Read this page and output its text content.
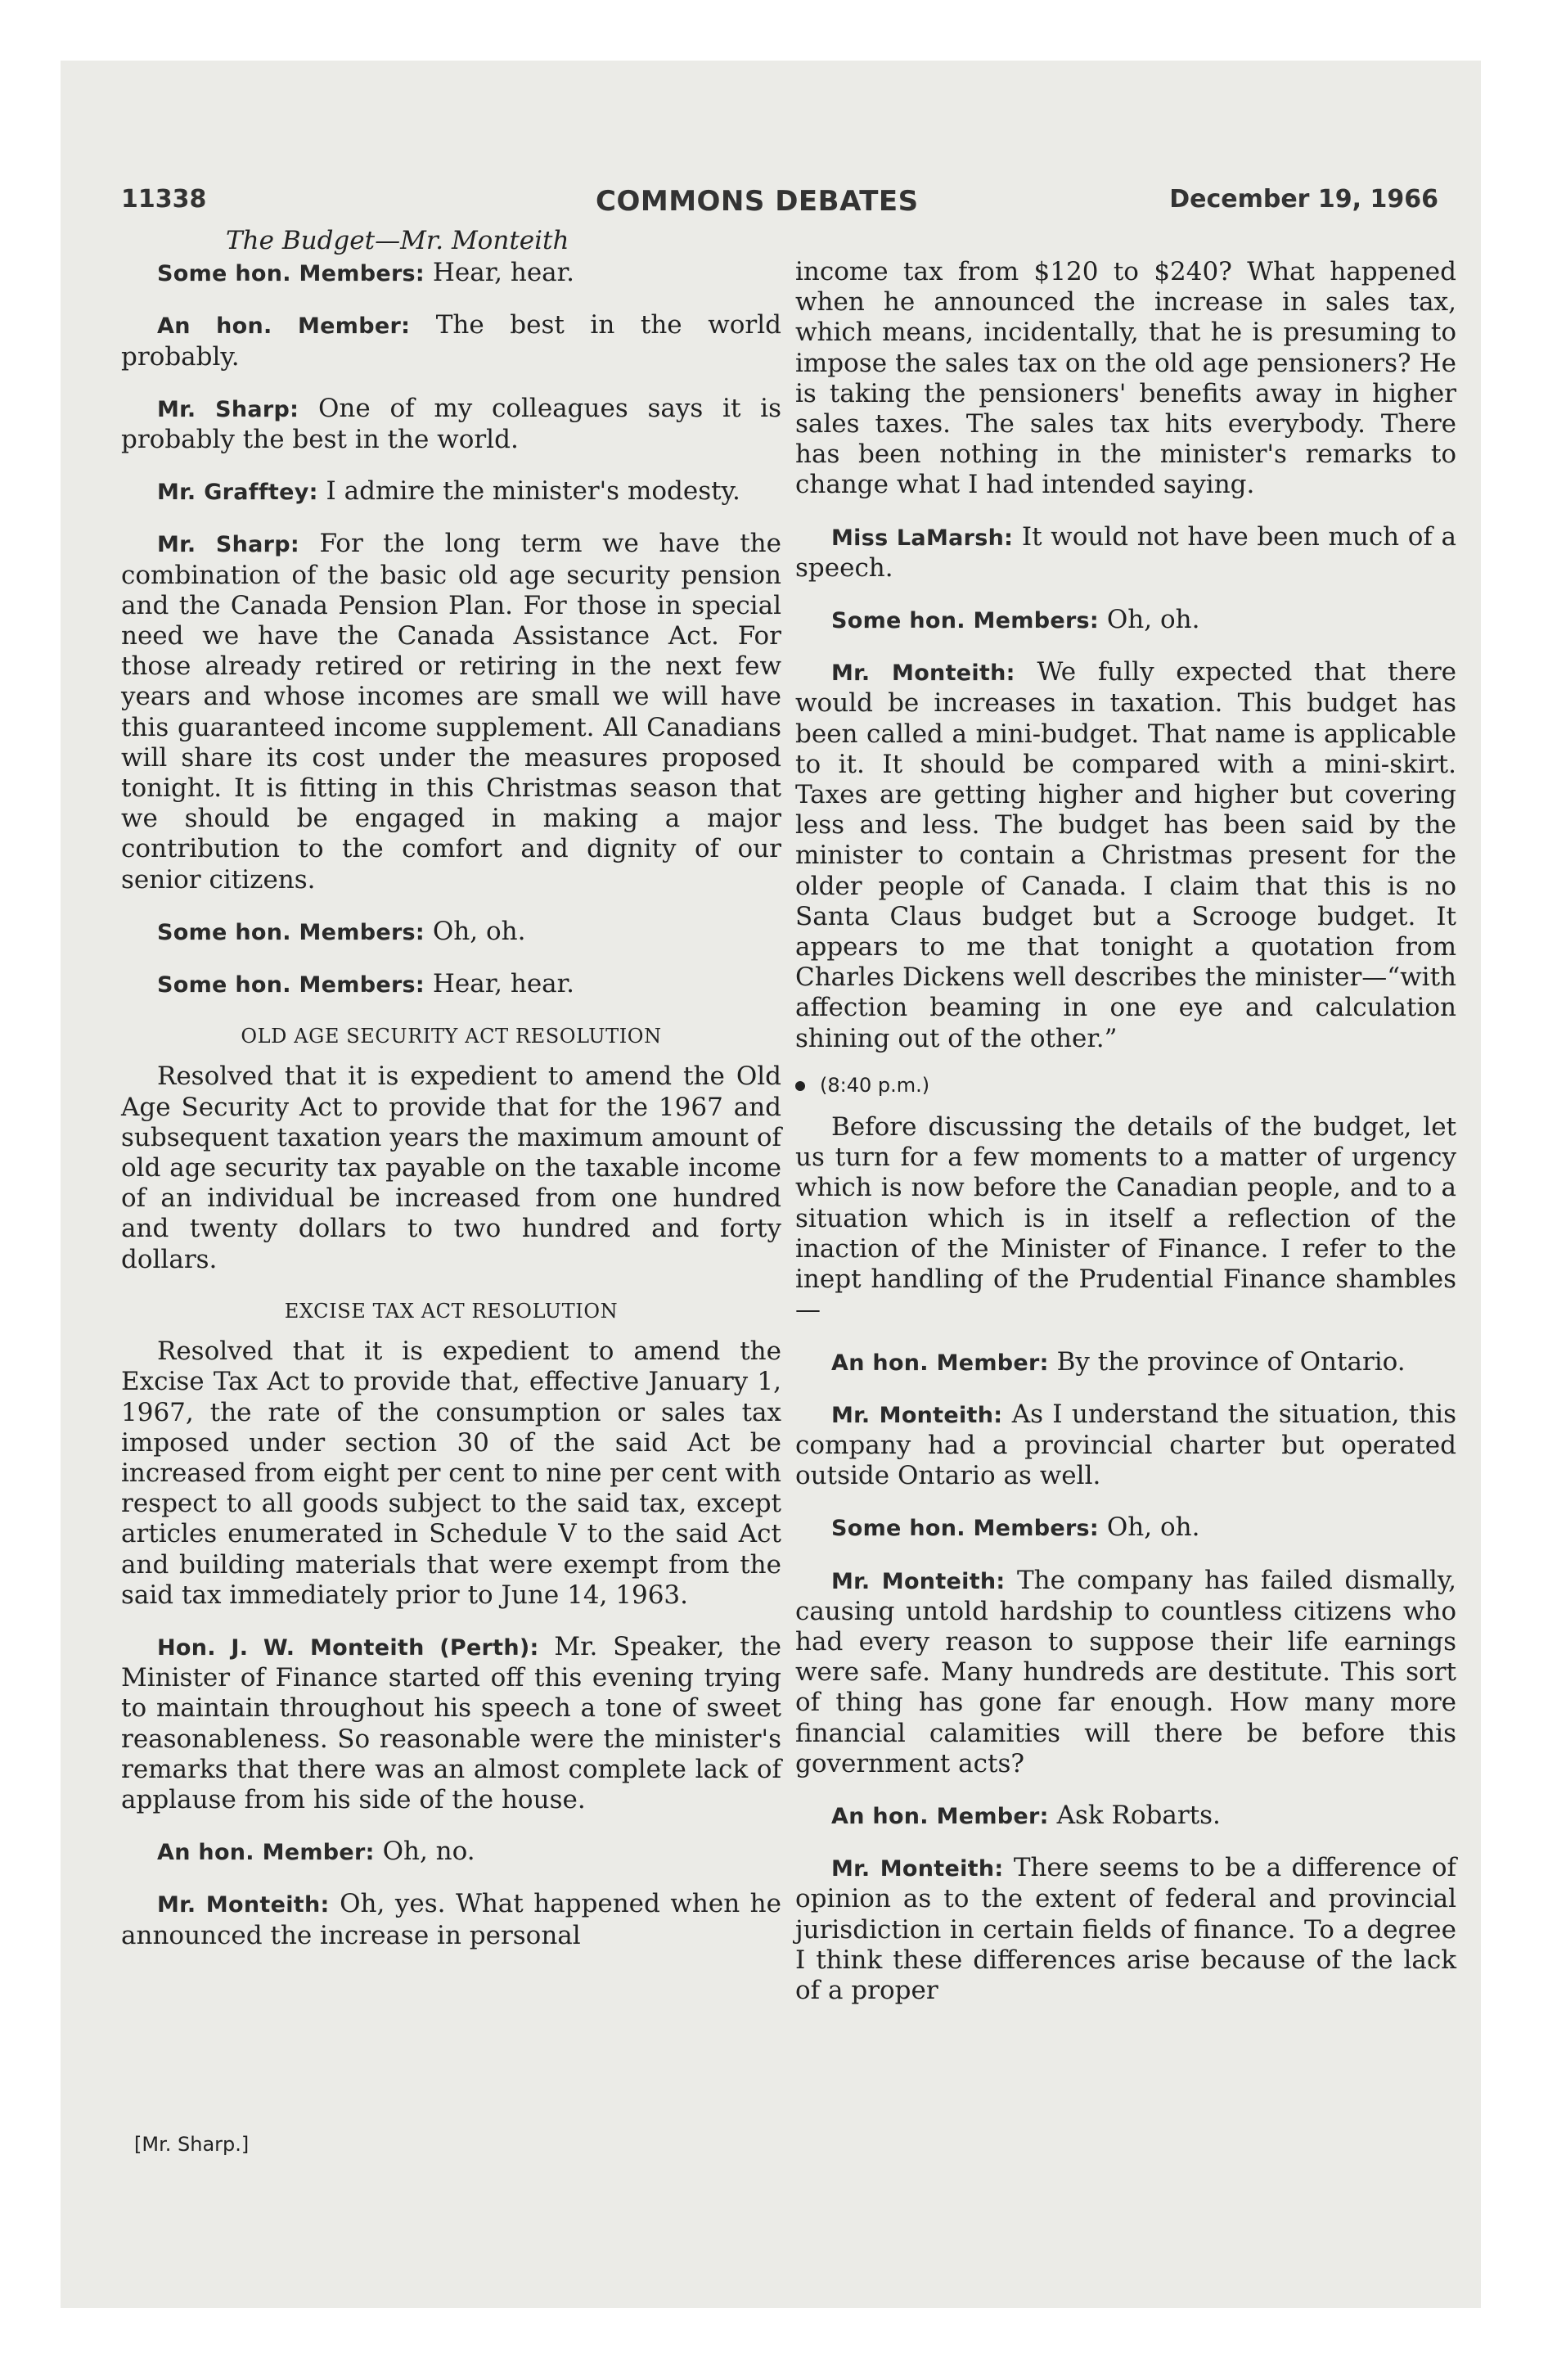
11338	COMMONS DEBATES	December 19, 1966
The Budget—Mr. Monteith

Some hon. Members: Hear, hear.

An hon. Member: The best in the world probably.

Mr. Sharp: One of my colleagues says it is probably the best in the world.

Mr. Grafftey: I admire the minister's modesty.

Mr. Sharp: For the long term we have the combination of the basic old age security pension and the Canada Pension Plan. For those in special need we have the Canada Assistance Act. For those already retired or retiring in the next few years and whose incomes are small we will have this guaranteed income supplement. All Canadians will share its cost under the measures proposed tonight. It is fitting in this Christmas season that we should be engaged in making a major contribution to the comfort and dignity of our senior citizens.

Some hon. Members: Oh, oh.

Some hon. Members: Hear, hear.

OLD AGE SECURITY ACT RESOLUTION

Resolved that it is expedient to amend the Old Age Security Act to provide that for the 1967 and subsequent taxation years the maximum amount of old age security tax payable on the taxable income of an individual be increased from one hundred and twenty dollars to two hundred and forty dollars.

EXCISE TAX ACT RESOLUTION

Resolved that it is expedient to amend the Excise Tax Act to provide that, effective January 1, 1967, the rate of the consumption or sales tax imposed under section 30 of the said Act be increased from eight per cent to nine per cent with respect to all goods subject to the said tax, except articles enumerated in Schedule V to the said Act and building materials that were exempt from the said tax immediately prior to June 14, 1963.

Hon. J. W. Monteith (Perth): Mr. Speaker, the Minister of Finance started off this evening trying to maintain throughout his speech a tone of sweet reasonableness. So reasonable were the minister's remarks that there was an almost complete lack of applause from his side of the house.

An hon. Member: Oh, no.

Mr. Monteith: Oh, yes. What happened when he announced the increase in personal

income tax from $120 to $240? What happened when he announced the increase in sales tax, which means, incidentally, that he is presuming to impose the sales tax on the old age pensioners? He is taking the pensioners' benefits away in higher sales taxes. The sales tax hits everybody. There has been nothing in the minister's remarks to change what I had intended saying.

Miss LaMarsh: It would not have been much of a speech.

Some hon. Members: Oh, oh.

Mr. Monteith: We fully expected that there would be increases in taxation. This budget has been called a mini-budget. That name is applicable to it. It should be compared with a mini-skirt. Taxes are getting higher and higher but covering less and less. The budget has been said by the minister to contain a Christmas present for the older people of Canada. I claim that this is no Santa Claus budget but a Scrooge budget. It appears to me that tonight a quotation from Charles Dickens well describes the minister—“with affection beaming in one eye and calculation shining out of the other.”

(8:40 p.m.)

Before discussing the details of the budget, let us turn for a few moments to a matter of urgency which is now before the Canadian people, and to a situation which is in itself a reflection of the inaction of the Minister of Finance. I refer to the inept handling of the Prudential Finance shambles—

An hon. Member: By the province of Ontario.

Mr. Monteith: As I understand the situation, this company had a provincial charter but operated outside Ontario as well.

Some hon. Members: Oh, oh.

Mr. Monteith: The company has failed dismally, causing untold hardship to countless citizens who had every reason to suppose their life earnings were safe. Many hundreds are destitute. This sort of thing has gone far enough. How many more financial calamities will there be before this government acts?

An hon. Member: Ask Robarts.

Mr. Monteith: There seems to be a difference of opinion as to the extent of federal and provincial jurisdiction in certain fields of finance. To a degree I think these differences arise because of the lack of a proper

[Mr. Sharp.]
